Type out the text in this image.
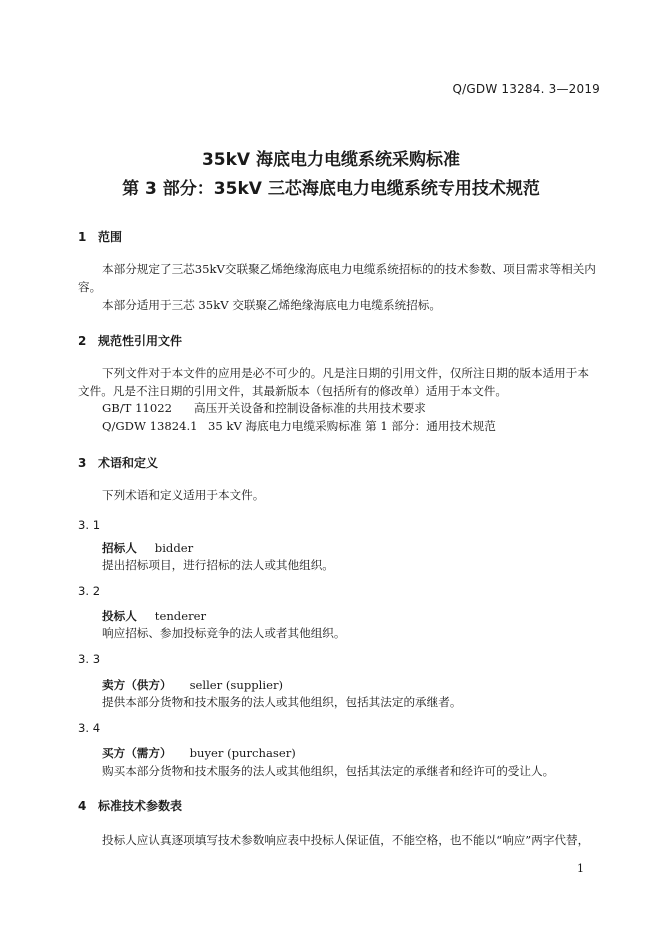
Q/GDW 13284. 3—2019
35kV 海底电力电缆系统采购标准
第 3 部分：35kV 三芯海底电力电缆系统专用技术规范
1 范围
本部分规定了三芯35kV交联聚乙烯绝缘海底电力电缆系统招标的的技术参数、项目需求等相关内容。
本部分适用于三芯 35kV 交联聚乙烯绝缘海底电力电缆系统招标。
2 规范性引用文件
下列文件对于本文件的应用是必不可少的。凡是注日期的引用文件，仅所注日期的版本适用于本文件。凡是不注日期的引用文件，其最新版本（包括所有的修改单）适用于本文件。
GB/T 11022 高压开关设备和控制设备标准的共用技术要求
Q/GDW 13824.1 35 kV 海底电力电缆采购标准 第 1 部分：通用技术规范
3 术语和定义
下列术语和定义适用于本文件。
3. 1
招标人 bidder
提出招标项目，进行招标的法人或其他组织。
3. 2
投标人 tenderer
响应招标、参加投标竞争的法人或者其他组织。
3. 3
卖方（供方） seller (supplier)
提供本部分货物和技术服务的法人或其他组织，包括其法定的承继者。
3. 4
买方（需方） buyer (purchaser)
购买本部分货物和技术服务的法人或其他组织，包括其法定的承继者和经许可的受让人。
4 标准技术参数表
投标人应认真逐项填写技术参数响应表中投标人保证值，不能空格，也不能以“响应”两字代替，
1
